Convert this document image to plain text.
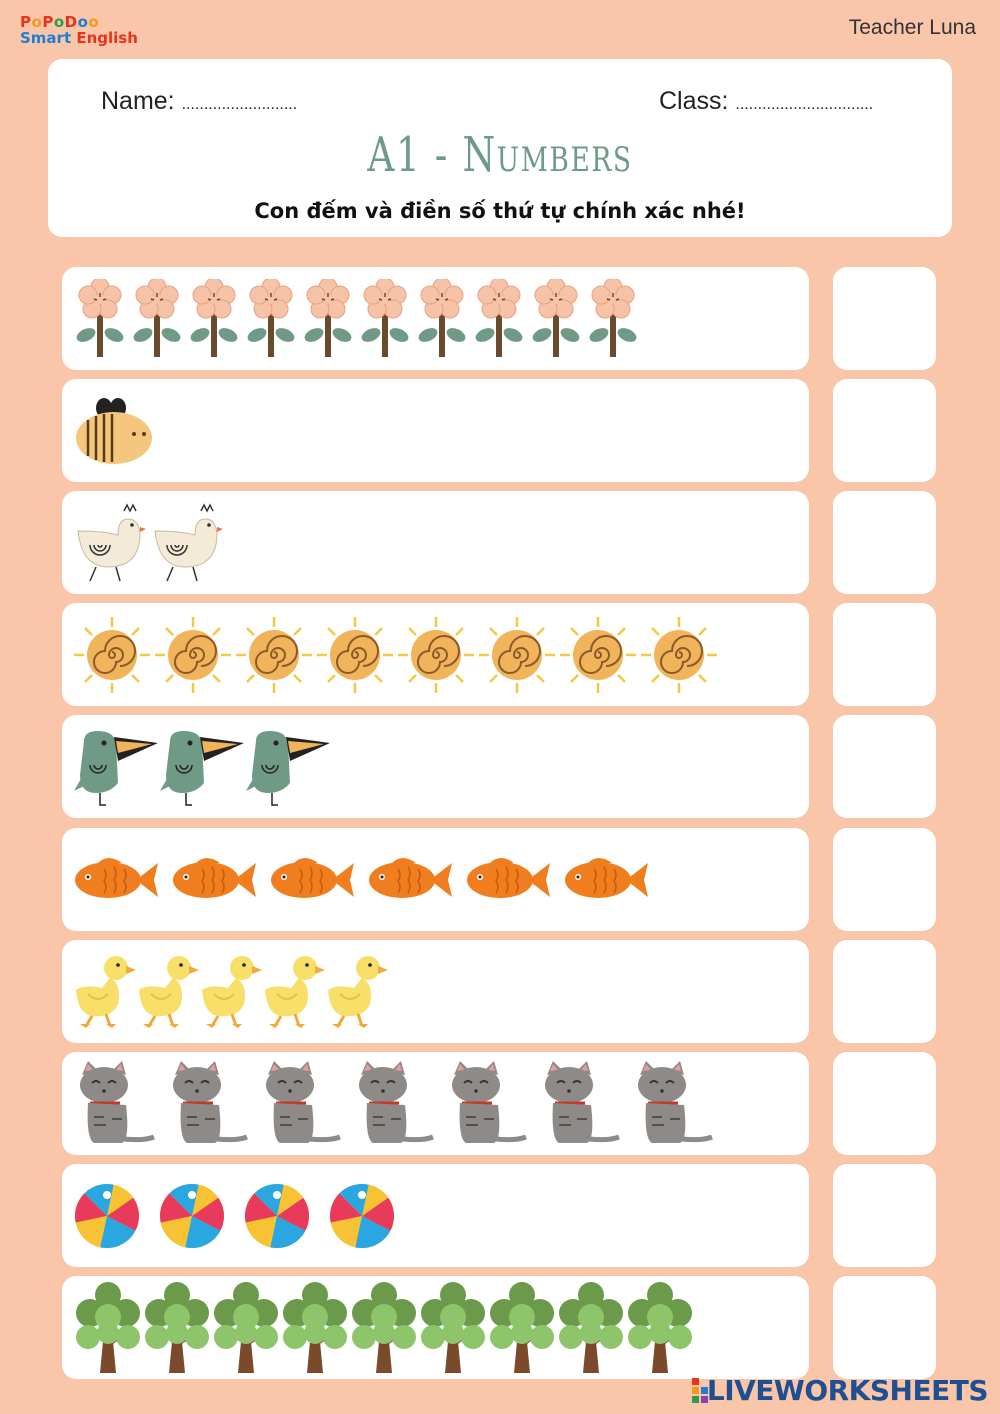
PoPoDoo
Smart English	Teacher Luna
Name: ..........................	Class: ...............................
A1 - Numbers
Con đếm và điền số thứ tự chính xác nhé!
LIVEWORKSHEETS
